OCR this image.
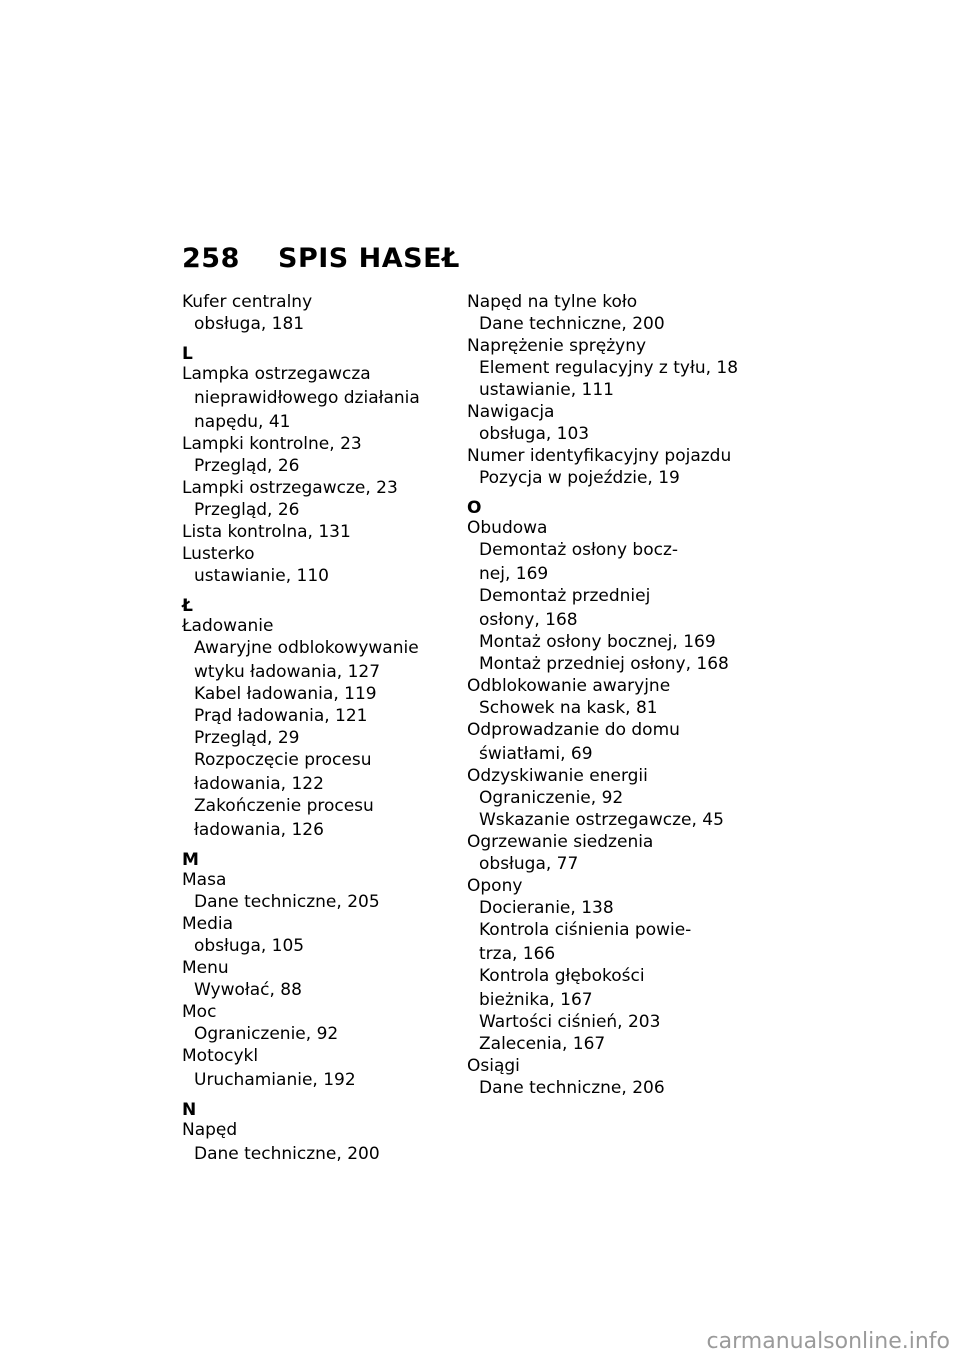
258 SPIS HASEŁ
Kufer centralny
obsługa, 181
L
Lampka ostrzegawcza
nieprawidłowego działania
napędu, 41
Lampki kontrolne, 23
Przegląd, 26
Lampki ostrzegawcze, 23
Przegląd, 26
Lista kontrolna, 131
Lusterko
ustawianie, 110
Ł
Ładowanie
Awaryjne odblokowywanie
wtyku ładowania, 127
Kabel ładowania, 119
Prąd ładowania, 121
Przegląd, 29
Rozpoczęcie procesu
ładowania, 122
Zakończenie procesu
ładowania, 126
M
Masa
Dane techniczne, 205
Media
obsługa, 105
Menu
Wywołać, 88
Moc
Ograniczenie, 92
Motocykl
Uruchamianie, 192
N
Napęd
Dane techniczne, 200
Napęd na tylne koło
Dane techniczne, 200
Naprężenie sprężyny
Element regulacyjny z tyłu, 18
ustawianie, 111
Nawigacja
obsługa, 103
Numer identyfikacyjny pojazdu
Pozycja w pojeździe, 19
O
Obudowa
Demontaż osłony bocz-
nej, 169
Demontaż przedniej
osłony, 168
Montaż osłony bocznej, 169
Montaż przedniej osłony, 168
Odblokowanie awaryjne
Schowek na kask, 81
Odprowadzanie do domu
światłami, 69
Odzyskiwanie energii
Ograniczenie, 92
Wskazanie ostrzegawcze, 45
Ogrzewanie siedzenia
obsługa, 77
Opony
Docieranie, 138
Kontrola ciśnienia powie-
trza, 166
Kontrola głębokości
bieżnika, 167
Wartości ciśnień, 203
Zalecenia, 167
Osiągi
Dane techniczne, 206
carmanualsonline.info
